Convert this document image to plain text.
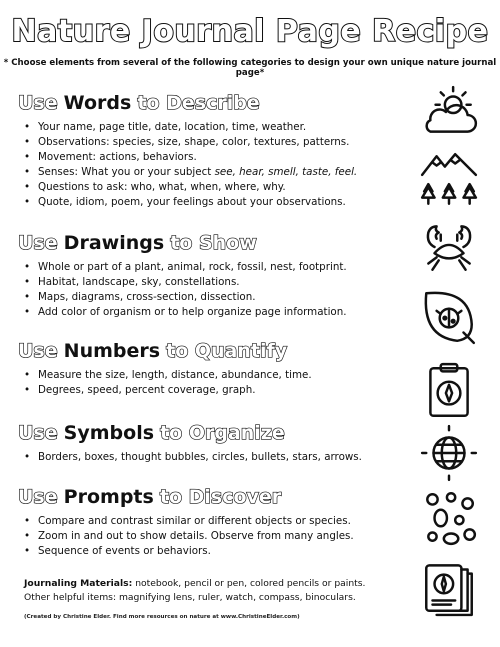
Nature Journal Page Recipe
* Choose elements from several of the following categories to design your own unique nature journal page*
Use Words to Describe
• Your name, page title, date, location, time, weather.
• Observations: species, size, shape, color, textures, patterns.
• Movement: actions, behaviors.
• Senses: What you or your subject see, hear, smell, taste, feel.
• Questions to ask: who, what, when, where, why.
• Quote, idiom, poem, your feelings about your observations.
Use Drawings to Show
• Whole or part of a plant, animal, rock, fossil, nest, footprint.
• Habitat, landscape, sky, constellations.
• Maps, diagrams, cross-section, dissection.
• Add color of organism or to help organize page information.
Use Numbers to Quantify
• Measure the size, length, distance, abundance, time.
• Degrees, speed, percent coverage, graph.
Use Symbols to Organize
• Borders, boxes, thought bubbles, circles, bullets, stars, arrows.
Use Prompts to Discover
• Compare and contrast similar or different objects or species.
• Zoom in and out to show details. Observe from many angles.
• Sequence of events or behaviors.
Journaling Materials: notebook, pencil or pen, colored pencils or paints.
Other helpful items: magnifying lens, ruler, watch, compass, binoculars.
(Created by Christine Elder. Find more resources on nature at www.ChristineElder.com)
